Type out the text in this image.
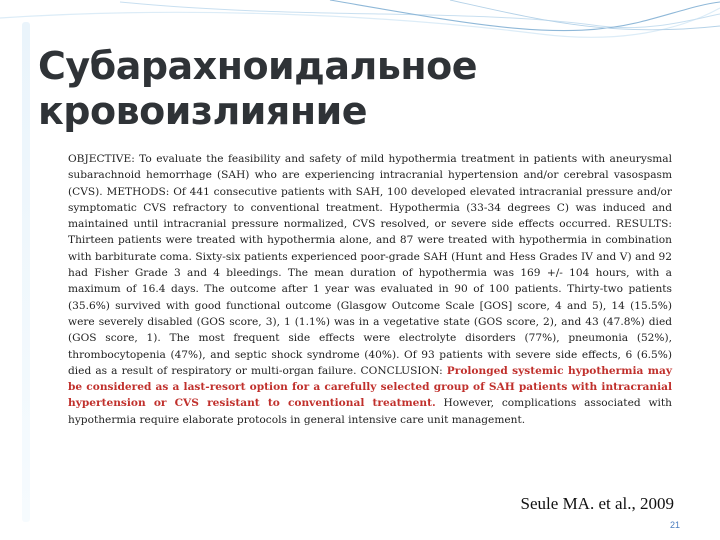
Субарахноидальное кровоизлияние

OBJECTIVE: To evaluate the feasibility and safety of mild hypothermia treatment in patients with aneurysmal subarachnoid hemorrhage (SAH) who are experiencing intracranial hypertension and/or cerebral vasospasm (CVS). METHODS: Of 441 consecutive patients with SAH, 100 developed elevated intracranial pressure and/or symptomatic CVS refractory to conventional treatment. Hypothermia (33-34 degrees C) was induced and maintained until intracranial pressure normalized, CVS resolved, or severe side effects occurred. RESULTS: Thirteen patients were treated with hypothermia alone, and 87 were treated with hypothermia in combination with barbiturate coma. Sixty-six patients experienced poor-grade SAH (Hunt and Hess Grades IV and V) and 92 had Fisher Grade 3 and 4 bleedings. The mean duration of hypothermia was 169 +/- 104 hours, with a maximum of 16.4 days. The outcome after 1 year was evaluated in 90 of 100 patients. Thirty-two patients (35.6%) survived with good functional outcome (Glasgow Outcome Scale [GOS] score, 4 and 5), 14 (15.5%) were severely disabled (GOS score, 3), 1 (1.1%) was in a vegetative state (GOS score, 2), and 43 (47.8%) died (GOS score, 1). The most frequent side effects were electrolyte disorders (77%), pneumonia (52%), thrombocytopenia (47%), and septic shock syndrome (40%). Of 93 patients with severe side effects, 6 (6.5%) died as a result of respiratory or multi-organ failure. CONCLUSION: Prolonged systemic hypothermia may be considered as a last-resort option for a carefully selected group of SAH patients with intracranial hypertension or CVS resistant to conventional treatment. However, complications associated with hypothermia require elaborate protocols in general intensive care unit management.

Seule MA. et al., 2009

21
